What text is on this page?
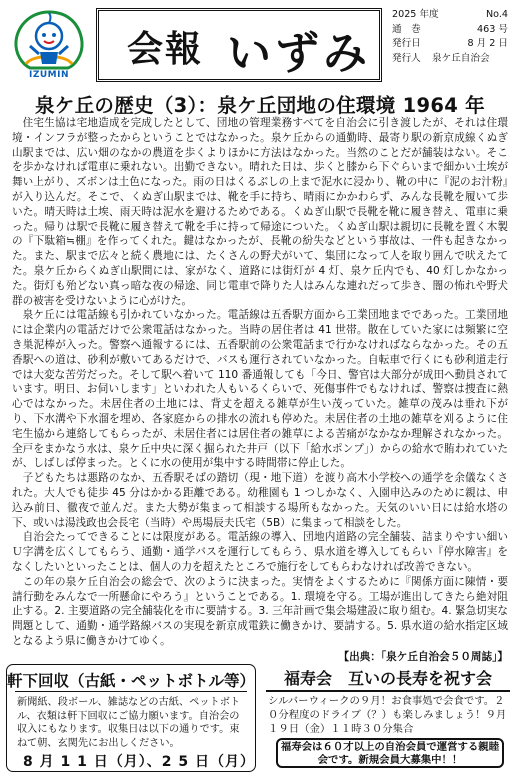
IZUMIN
会報 いずみ
2025 年度	No.4
通　巻	463 号
発行日	8 月 2 日
発行人	泉ケ丘自治会
泉ケ丘の歴史（3）：泉ケ丘団地の住環境 1964 年

住宅生協は宅地造成を完成したとして、団地の管理業務すべてを自治会に引き渡したが、それは住環境・インフラが整ったからということではなかった。泉ケ丘からの通勤時、最寄り駅の新京成線くぬぎ山駅までは、広い畑のなかの農道を歩くよりほかに方法はなかった。当然のことだが舗装はない。そこを歩かなければ電車に乗れない。出勤できない。晴れた日は、歩くと膝から下ぐらいまで細かい土埃が舞い上がり、ズボンは土色になった。雨の日はくるぶしの上まで泥水に浸かり、靴の中に『泥のお汁粉』が入り込んだ。そこで、くぬぎ山駅までは、靴を手に持ち、晴雨にかかわらず、みんな長靴を履いて歩いた。晴天時は土埃、雨天時は泥水を避けるためである。くぬぎ山駅で長靴を靴に履き替え、電車に乗った。帰りは駅で長靴に履き替えて靴を手に持って帰途についた。くぬぎ山駅は親切に長靴を置く木製の『下駄箱≒棚』を作ってくれた。鍵はなかったが、長靴の紛失などという事故は、一件も起きなかった。また、駅まで広々と続く農地には、たくさんの野犬がいて、集団になって人を取り囲んで吠えたてた。泉ケ丘からくぬぎ山駅間には、家がなく、道路には街灯が 4 灯、泉ケ丘内でも、40 灯しかなかった。街灯も殆どない真っ暗な夜の帰途、同じ電車で降りた人はみんな連れだって歩き、闇の怖れや野犬群の被害を受けないように心がけた。

泉ケ丘には電話線も引かれていなかった。電話線は五香駅方面から工業団地までであった。工業団地には企業内の電話だけで公衆電話はなかった。当時の居住者は 41 世帯。散在していた家には頻繁に空き巣泥棒が入った。警察へ通報するには、五香駅前の公衆電話まで行かなければならなかった。その五香駅への道は、砂利が敷いてあるだけで、バスも運行されていなかった。自転車で行くにも砂利道走行では大変な苦労だった。そして駅へ着いて 110 番通報しても「今日、警官は大部分が成田へ動員されています。明日、お伺いします」といわれた人もいるくらいで、死傷事件でもなければ、警察は捜査に熱心ではなかった。未居住者の土地には、背丈を超える雑草が生い茂っていた。雑草の茂みは垂れ下がり、下水溝や下水溜を埋め、各家庭からの排水の流れも停めた。未居住者の土地の雑草を刈るように住宅生協から連絡してもらったが、未居住者には居住者の雑草による苦痛がなかなか理解されなかった。全戸をまかなう水は、泉ケ丘中央に深く掘られた井戸（以下「給水ポンプ」）からの給水で賄われていたが、しばしば停まった。とくに水の使用が集中する時間帯に停止した。

子どもたちは悪路のなか、五香駅そばの踏切（現・地下道）を渡り高木小学校への通学を余儀なくされた。大人でも徒歩 45 分はかかる距離である。幼稚園も 1 つしかなく、入園申込みのために親は、申込み前日、徹夜で並んだ。また大勢が集まって相談する場所もなかった。天気のいい日には給水塔の下、或いは湯浅政也会長宅（当時）や馬場辰夫氏宅（5B）に集まって相談をした。

自治会たってできることには限度がある。電話線の導入、団地内道路の完全舗装、詰まりやすい細いＵ字溝を広くしてもらう、通勤・通学バスを運行してもらう、県水道を導入してもらい『停水障害』をなくしたいといったことは、個人の力を超えたところで施行をしてもらわなければ改善できない。

この年の泉ケ丘自治会の総会で、次のように決まった。実情をよくするために『関係方面に陳情・要請行動をみんなで一所懸命にやろう』ということである。1. 環境を守る。工場が進出してきたら絶対阻止する。2. 主要道路の完全舗装化を市に要請する。3. 三年計画で集会場建設に取り組む。4. 緊急切実な問題として、通勤・通学路線バスの実現を新京成電鉄に働きかけ、要請する。5. 県水道の給水指定区域となるよう県に働きかけてゆく。

【出典：「泉ケ丘自治会５０周誌」】
軒下回収（古紙・ペットボトル等）
新聞紙、段ボール、雑誌などの古紙、ペットボトル、衣類は軒下回収にご協力願います。自治会の収入にもなります。収集日は以下の通りです。束ねて朝、玄関先にお出しください。
8 月 1 1 日（月）、2 5 日（月）
福寿会　互いの長寿を祝す会
シルバーウィークの９月！お食事処で会食です。２０分程度のドライブ（？）も楽しみましょう！９月１９日（金）１１時３０分集合
福寿会は６０才以上の自治会員で運営する親睦会です。新規会員大募集中！！
